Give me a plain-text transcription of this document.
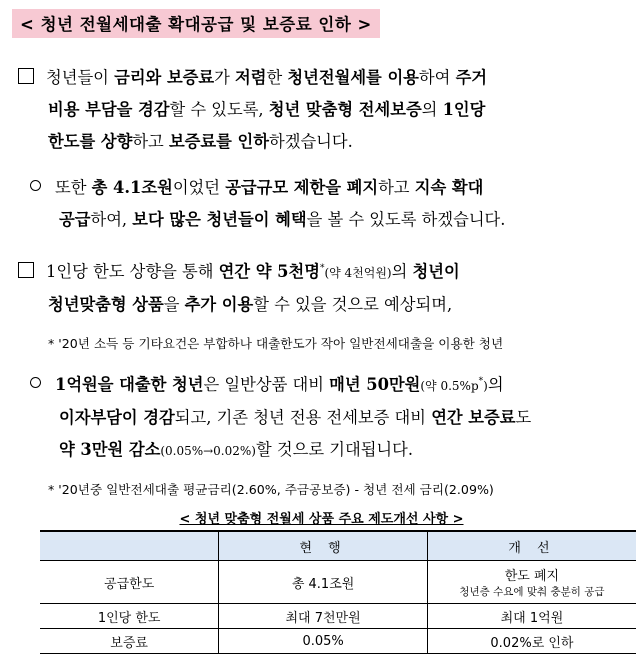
< 청년 전월세대출 확대공급 및 보증료 인하 >
청년들이 금리와 보증료가 저렴한 청년전월세를 이용하여 주거
비용 부담을 경감할 수 있도록, 청년 맞춤형 전세보증의 1인당
한도를 상향하고 보증료를 인하하겠습니다.
또한 총 4.1조원이었던 공급규모 제한을 폐지하고 지속 확대
공급하여, 보다 많은 청년들이 혜택을 볼 수 있도록 하겠습니다.
1인당 한도 상향을 통해 연간 약 5천명*(약 4천억원)의 청년이
청년맞춤형 상품을 추가 이용할 수 있을 것으로 예상되며,
* '20년 소득 등 기타요건은 부합하나 대출한도가 작아 일반전세대출을 이용한 청년
1억원을 대출한 청년은 일반상품 대비 매년 50만원(약 0.5%p*)의
이자부담이 경감되고, 기존 청년 전용 전세보증 대비 연간 보증료도
약 3만원 감소(0.05%→0.02%)할 것으로 기대됩니다.
* '20년중 일반전세대출 평균금리(2.60%, 주금공보증) - 청년 전세 금리(2.09%)
< 청년 맞춤형 전월세 상품 주요 제도개선 사항 >
	현 행	개 선
공급한도	총 4.1조원	한도 폐지
청년층 수요에 맞춰 충분히 공급

1인당 한도	최대 7천만원	최대 1억원
보증료	0.05%	0.02%로 인하
